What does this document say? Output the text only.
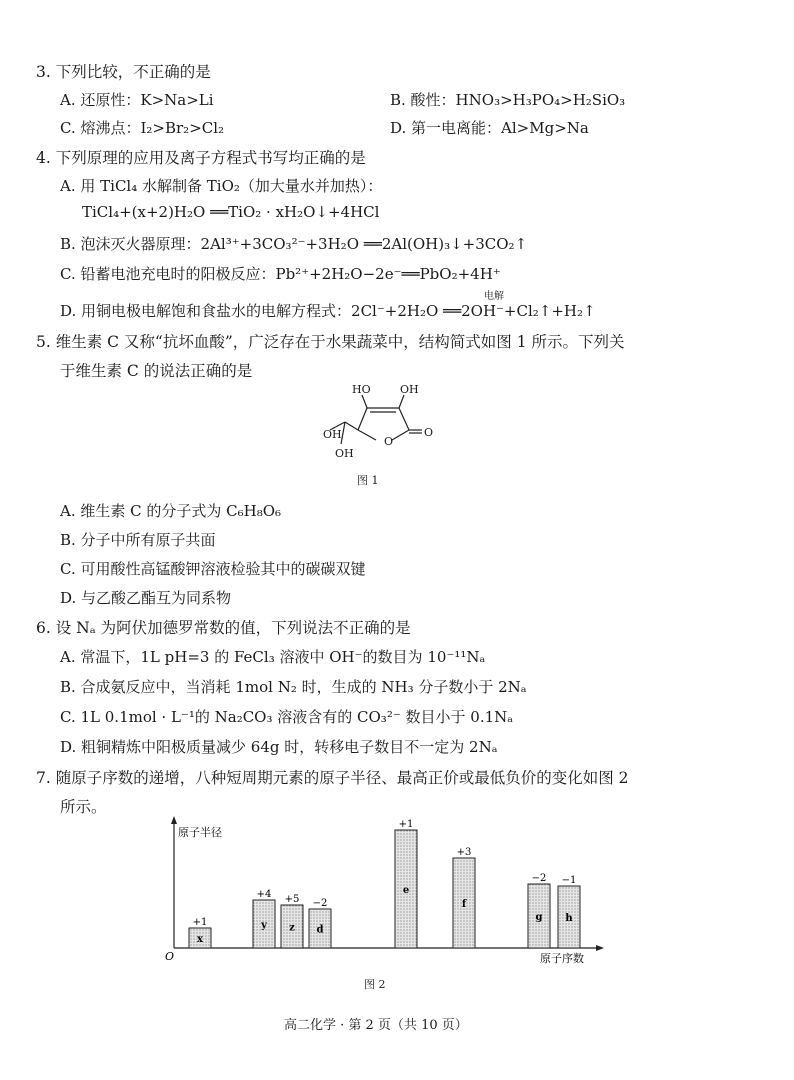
3. 下列比较，不正确的是
A. 还原性：K>Na>Li	B. 酸性：HNO₃>H₃PO₄>H₂SiO₃
C. 熔沸点：I₂>Br₂>Cl₂	D. 第一电离能：Al>Mg>Na
4. 下列原理的应用及离子方程式书写均正确的是
A. 用 TiCl₄ 水解制备 TiO₂（加大量水并加热）：
TiCl₄+(x+2)H₂O ══TiO₂ · xH₂O↓+4HCl
B. 泡沫灭火器原理：2Al³⁺+3CO₃²⁻+3H₂O ══2Al(OH)₃↓+3CO₂↑
C. 铅蓄电池充电时的阳极反应：Pb²⁺+2H₂O−2e⁻══PbO₂+4H⁺
电解
D. 用铜电极电解饱和食盐水的电解方程式：2Cl⁻+2H₂O ══2OH⁻+Cl₂↑+H₂↑
5. 维生素 C 又称“抗坏血酸”，广泛存在于水果蔬菜中，结构简式如图 1 所示。下列关
于维生素 C 的说法正确的是
HO	OH
OH
O
O
OH
图 1
A. 维生素 C 的分子式为 C₆H₈O₆
B. 分子中所有原子共面
C. 可用酸性高锰酸钾溶液检验其中的碳碳双键
D. 与乙酸乙酯互为同系物
6. 设 Nₐ 为阿伏加德罗常数的值，下列说法不正确的是
A. 常温下，1L pH=3 的 FeCl₃ 溶液中 OH⁻的数目为 10⁻¹¹Nₐ
B. 合成氨反应中，当消耗 1mol N₂ 时，生成的 NH₃ 分子数小于 2Nₐ
C. 1L 0.1mol · L⁻¹的 Na₂CO₃ 溶液含有的 CO₃²⁻ 数目小于 0.1Nₐ
D. 粗铜精炼中阳极质量减少 64g 时，转移电子数目不一定为 2Nₐ
7. 随原子序数的递增，八种短周期元素的原子半径、最高正价或最低负价的变化如图 2
所示。
原子半径
原子序数
O
x
+1	y
+4
z
+5
d
−2
e
+1
f
+3
g
−2
h
−1
图 2
高二化学 · 第 2 页（共 10 页）
